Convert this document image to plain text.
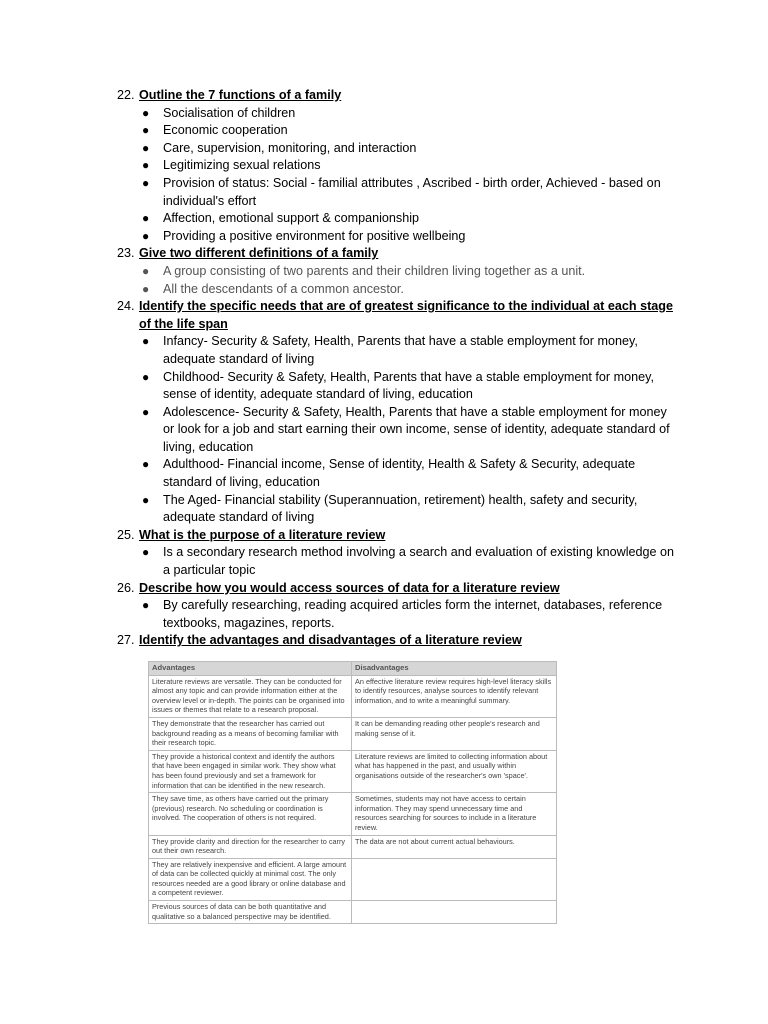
22. Outline the 7 functions of a family
● Socialisation of children
● Economic cooperation
● Care, supervision, monitoring, and interaction
● Legitimizing sexual relations
● Provision of status: Social - familial attributes , Ascribed - birth order, Achieved - based on individual's effort
● Affection, emotional support & companionship
● Providing a positive environment for positive wellbeing
23. Give two different definitions of a family
● A group consisting of two parents and their children living together as a unit.
● All the descendants of a common ancestor.
24. Identify the specific needs that are of greatest significance to the individual at each stage of the life span
● Infancy- Security & Safety, Health, Parents that have a stable employment for money, adequate standard of living
● Childhood- Security & Safety, Health, Parents that have a stable employment for money, sense of identity, adequate standard of living, education
● Adolescence- Security & Safety, Health, Parents that have a stable employment for money or look for a job and start earning their own income, sense of identity, adequate standard of living, education
● Adulthood- Financial income, Sense of identity, Health & Safety & Security, adequate standard of living, education
● The Aged- Financial stability (Superannuation, retirement) health, safety and security, adequate standard of living
25. What is the purpose of a literature review
● Is a secondary research method involving a search and evaluation of existing knowledge on a particular topic
26. Describe how you would access sources of data for a literature review
● By carefully researching, reading acquired articles form the internet, databases, reference textbooks, magazines, reports.
27. Identify the advantages and disadvantages of a literature review
Advantages	Disadvantages
Literature reviews are versatile. They can be conducted for almost any topic and can provide information either at the overview level or in-depth. The points can be organised into issues or themes that relate to a research proposal.	An effective literature review requires high-level literacy skills to identify resources, analyse sources to identify relevant information, and to write a meaningful summary.
They demonstrate that the researcher has carried out background reading as a means of becoming familiar with their research topic.	It can be demanding reading other people's research and making sense of it.
They provide a historical context and identify the authors that have been engaged in similar work. They show what has been found previously and set a framework for information that can be identified in the new research.	Literature reviews are limited to collecting information about what has happened in the past, and usually within organisations outside of the researcher's own 'space'.
They save time, as others have carried out the primary (previous) research. No scheduling or coordination is involved. The cooperation of others is not required.	Sometimes, students may not have access to certain information. They may spend unnecessary time and resources searching for sources to include in a literature review.
They provide clarity and direction for the researcher to carry out their own research.	The data are not about current actual behaviours.
They are relatively inexpensive and efficient. A large amount of data can be collected quickly at minimal cost. The only resources needed are a good library or online database and a competent reviewer.	
Previous sources of data can be both quantitative and qualitative so a balanced perspective may be identified.	
